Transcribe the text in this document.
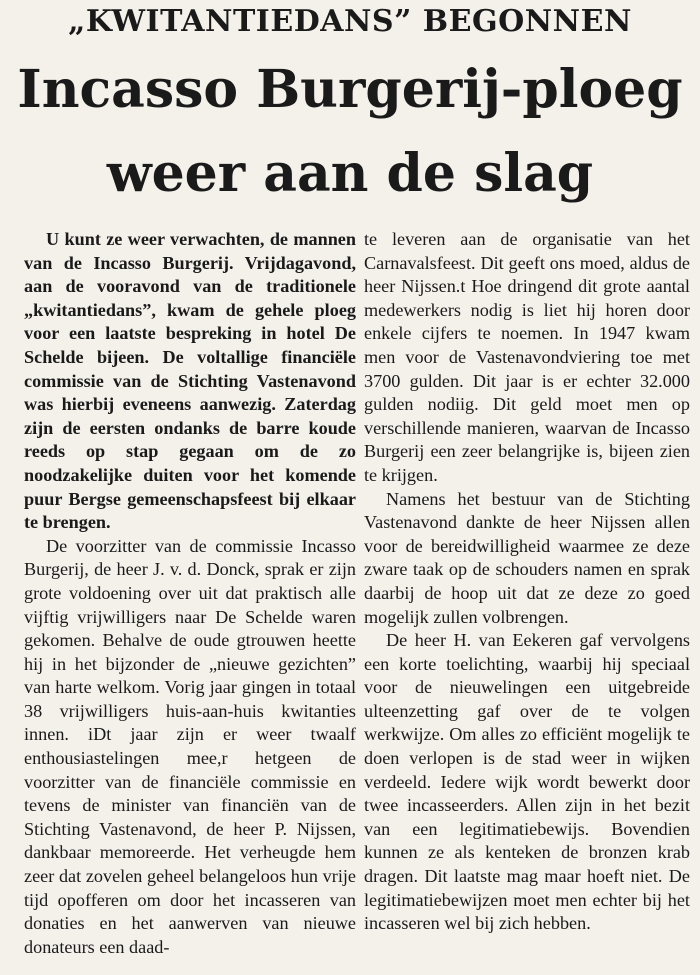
„KWITANTIEDANS” BEGONNEN
Incasso Burgerij-ploeg
weer aan de slag

U kunt ze weer verwachten, de mannen van de Incasso Burgerij. Vrijdagavond, aan de vooravond van de traditionele „kwitantiedans”, kwam de gehele ploeg voor een laatste bespreking in hotel De Schelde bijeen. De voltallige financiële commissie van de Stichting Vastenavond was hierbij eveneens aanwezig. Zaterdag zijn de eersten ondanks de barre koude reeds op stap gegaan om de zo noodzakelijke duiten voor het komende puur Bergse gemeenschapsfeest bij elkaar te brengen.

De voorzitter van de commissie Incasso Burgerij, de heer J. v. d. Donck, sprak er zijn grote voldoening over uit dat praktisch alle vijftig vrijwilligers naar De Schelde waren gekomen. Behalve de oude gtrouwen heette hij in het bijzonder de „nieuwe gezichten” van harte welkom. Vorig jaar gingen in totaal 38 vrijwilligers huis-aan-huis kwitanties innen. iDt jaar zijn er weer twaalf enthousiastelingen mee,r hetgeen de voorzitter van de financiële commissie en tevens de minister van financiën van de Stichting Vastenavond, de heer P. Nijssen, dankbaar memoreerde. Het verheugde hem zeer dat zovelen geheel belangeloos hun vrije tijd opofferen om door het incasseren van donaties en het aanwerven van nieuwe donateurs een daad-

te leveren aan de organisatie van het Carnavalsfeest. Dit geeft ons moed, aldus de heer Nijssen.t Hoe dringend dit grote aantal medewerkers nodig is liet hij horen door enkele cijfers te noemen. In 1947 kwam men voor de Vastenavondviering toe met 3700 gulden. Dit jaar is er echter 32.000 gulden nodiig. Dit geld moet men op verschillende manieren, waarvan de Incasso Burgerij een zeer belangrijke is, bijeen zien te krijgen.

Namens het bestuur van de Stichting Vastenavond dankte de heer Nijssen allen voor de bereidwilligheid waarmee ze deze zware taak op de schouders namen en sprak daarbij de hoop uit dat ze deze zo goed mogelijk zullen volbrengen.

De heer H. van Eekeren gaf vervolgens een korte toelichting, waarbij hij speciaal voor de nieuwelingen een uitgebreide ulteenzetting gaf over de te volgen werkwijze. Om alles zo efficiënt mogelijk te doen verlopen is de stad weer in wijken verdeeld. Iedere wijk wordt bewerkt door twee incasseerders. Allen zijn in het bezit van een legitimatiebewijs. Bovendien kunnen ze als kenteken de bronzen krab dragen. Dit laatste mag maar hoeft niet. De legitimatiebewijzen moet men echter bij het incasseren wel bij zich hebben.
